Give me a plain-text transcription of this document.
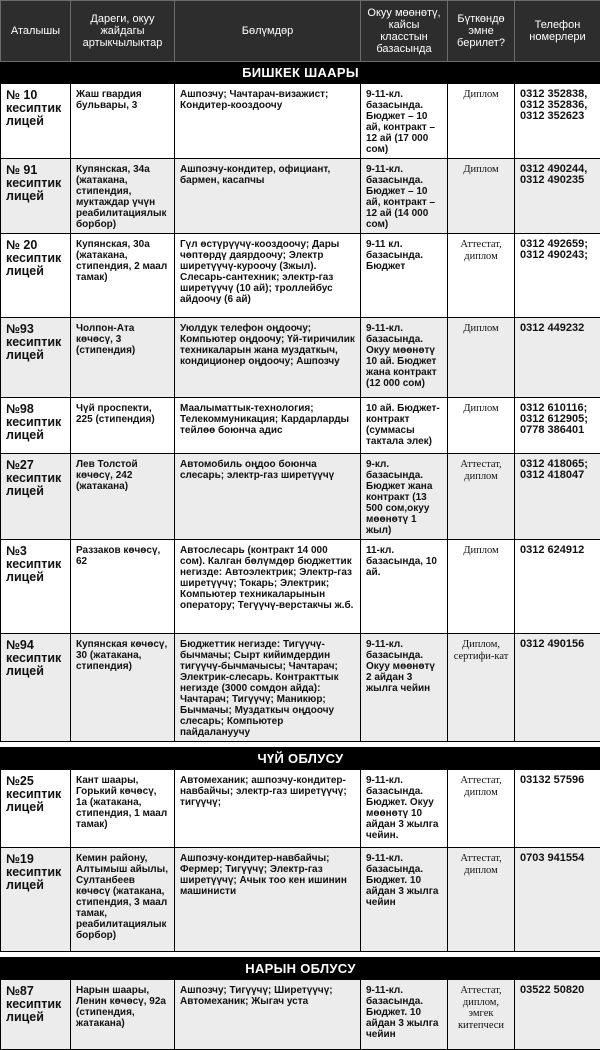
Аталышы	Дареги, окуу жайдагы артыкчылыктар	Бөлүмдөр	Окуу мөөнөтү, кайсы класстын базасында	Бүткөндө эмне берилет?	Телефон номерлери
БИШКЕК ШААРЫ					
№ 10 кесиптик лицей	Жаш гвардия бульвары, 3	Ашпозчу; Чачтарач-визажист; Кондитер-кооздоочу	9-11-кл. базасында. Бюджет – 10 ай, контракт – 12 ай (17 000 сом)	Диплом	0312 352838,
0312 352836,
0312 352623
№ 91 кесиптик лицей	Купянская, 34а (жатакана, стипендия, муктаждар үчүн реабилитациялык борбор)	Ашпозчу-кондитер, официант, бармен, касапчы	9-11-кл. базасында. Бюджет – 10 ай, контракт – 12 ай (14 000 сом)	Диплом	0312 490244,
0312 490235
№ 20 кесиптик лицей	Купянская, 30а (жатакана, стипендия, 2 маал тамак)	Гүл өстүрүүчү-кооздоочу; Дары чөптөрдү даярдоочу; Электр ширетүүчү-куроочу (3жыл). Слесарь-сантехник; электр-газ ширетүүчү (10 ай); троллейбус айдоочу (6 ай)	9-11 кл. базасында. Бюджет	Аттестат, диплом	0312 492659;
0312 490243;
№93 кесиптик лицей	Чолпон-Ата көчөсү, 3 (стипендия)	Уюлдук телефон оңдоочу; Компьютер оңдоочу; Үй-тиричилик техникаларын жана муздаткыч, кондиционер оңдоочу; Ашпозчу	9-11-кл. базасында. Окуу мөөнөтү 10 ай. Бюджет жана контракт (12 000 сом)	Диплом	0312 449232
№98 кесиптик лицей	Чүй проспекти, 225 (стипендия)	Маалыматтык-технология; Телекоммуникация; Кардарларды тейлөө боюнча адис	10 ай. Бюджет-контракт (суммасы тактала элек)	Диплом	0312 610116;
0312 612905;
0778 386401
№27 кесиптик лицей	Лев Толстой көчөсү, 242 (жатакана)	Автомобиль оңдоо боюнча слесарь; электр-газ ширетүүчү	9-кл. базасында. Бюджет жана контракт (13 500 сом,окуу мөөнөтү 1 жыл)	Аттестат, диплом	0312 418065;
0312 418047
№3 кесиптик лицей	Раззаков көчөсү, 62	Автослесарь (контракт 14 000 сом). Калган бөлүмдөр бюджеттик негизде: Автоэлектрик; Электр-газ ширетүүчү; Токарь; Электрик; Компьютер техникаларынын оператору; Тегүүчү-верстакчы ж.б.	11-кл. базасында, 10 ай.	Диплом	0312 624912
№94 кесиптик лицей	Купянская көчөсү, 30 (жатакана, стипендия)	Бюджеттик негизде: Тигүүчү-бычмачы; Сырт кийимдердин тигүүчү-бычмачысы; Чачтарач; Электрик-слесарь. Контракттык негизде (3000 сомдон айда): Чачтарач; Тигүүчү; Маникюр; Бычмачы; Муздаткыч оңдоочу слесарь; Компьютер пайдалануучу	9-11-кл. базасында. Окуу мөөнөтү 2 айдан 3 жылга чейин	Диплом, сертифи-кат	0312 490156

ЧҮЙ ОБЛУСУ					
№25 кесиптик лицей	Кант шаары, Горький көчөсү, 1а (жатакана, стипендия, 1 маал тамак)	Автомеханик; ашпозчу-кондитер-навбайчы; электр-газ ширетүүчү; тигүүчү;	9-11-кл. базасында. Бюджет. Окуу мөөнөтү 10 айдан 3 жылга чейин.	Аттестат, диплом	03132 57596
№19 кесиптик лицей	Кемин району, Алтымыш айылы, Султанбеев көчөсү (жатакана, стипендия, 3 маал тамак, реабилитациялык борбор)	Ашпозчу-кондитер-навбайчы; Фермер; Тигүүчү; Электр-газ ширетүүчү; Ачык тоо кен ишинин машинисти	9-11-кл. базасында. Бюджет. 10 айдан 3 жылга чейин	Аттестат, диплом	0703 941554

НАРЫН ОБЛУСУ					
№87 кесиптик лицей	Нарын шаары, Ленин көчөсү, 92а (стипендия, жатакана)	Ашпозчу; Тигүүчү; Ширетүүчү; Автомеханик; Жыгач уста	9-11-кл. базасында. Бюджет. 10 айдан 3 жылга чейин	Аттестат, диплом, эмгек китепчеси	03522 50820
